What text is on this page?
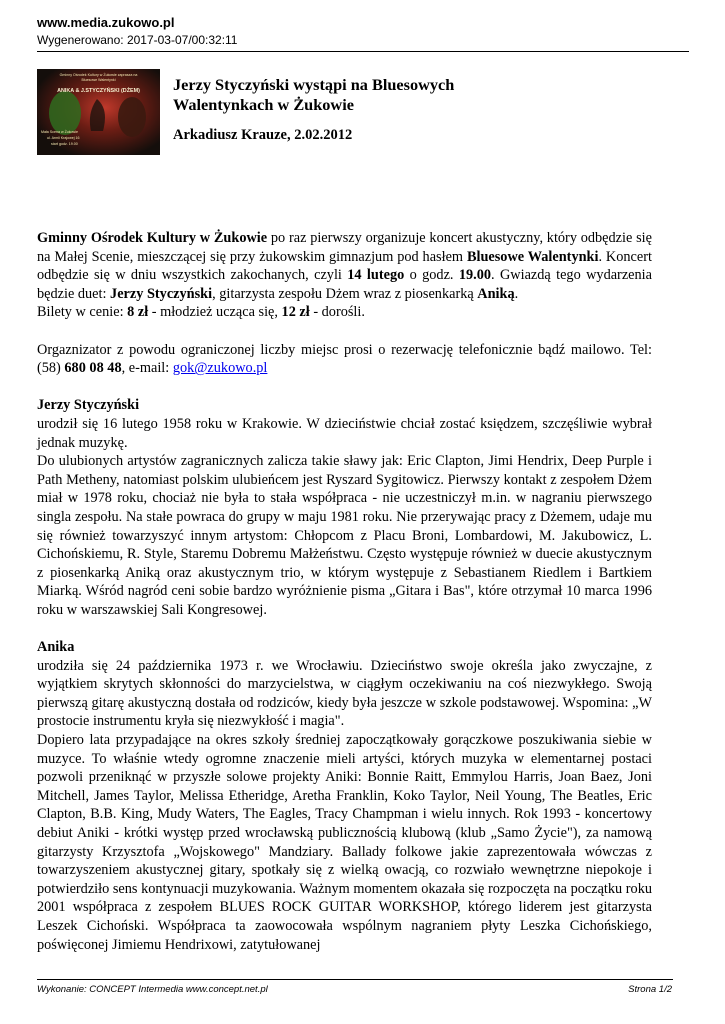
www.media.zukowo.pl
Wygenerowano: 2017-03-07/00:32:11
Gminny Ośrodek Kultury w Żukowie zaprasza na
Bluesowe Walentynki
ANIKA & J.STYCZYŃSKI (DŻEM)
Mała Scena w Żukowie
ul. Armii Krajowej 16
start godz. 19.00
Jerzy Styczyński wystąpi na Bluesowych
Walentynkach w Żukowie
Arkadiusz Krauze, 2.02.2012

Gminny Ośrodek Kultury w Żukowie po raz pierwszy organizuje koncert akustyczny, który odbędzie się na Małej Scenie, mieszczącej się przy żukowskim gimnazjum pod hasłem Bluesowe Walentynki. Koncert odbędzie się w dniu wszystkich zakochanych, czyli 14 lutego o godz. 19.00. Gwiazdą tego wydarzenia będzie duet: Jerzy Styczyński, gitarzysta zespołu Dżem wraz z piosenkarką Aniką.

Bilety w cenie: 8 zł - młodzież ucząca się, 12 zł - dorośli.

Orgaznizator z powodu ograniczonej liczby miejsc prosi o rezerwację telefonicznie bądź mailowo. Tel: (58) 680 08 48, e-mail: gok@zukowo.pl

Jerzy Styczyński

urodził się 16 lutego 1958 roku w Krakowie. W dzieciństwie chciał zostać księdzem, szczęśliwie wybrał jednak muzykę.

Do ulubionych artystów zagranicznych zalicza takie sławy jak: Eric Clapton, Jimi Hendrix, Deep Purple i Path Metheny, natomiast polskim ulubieńcem jest Ryszard Sygitowicz. Pierwszy kontakt z zespołem Dżem miał w 1978 roku, chociaż nie była to stała współpraca - nie uczestniczył m.in. w nagraniu pierwszego singla zespołu. Na stałe powraca do grupy w maju 1981 roku. Nie przerywając pracy z Dżemem, udaje mu się również towarzyszyć innym artystom: Chłopcom z Placu Broni, Lombardowi, M. Jakubowicz, L. Cichońskiemu, R. Style, Staremu Dobremu Małżeństwu. Często występuje również w duecie akustycznym z piosenkarką Aniką oraz akustycznym trio, w którym występuje z Sebastianem Riedlem i Bartkiem Miarką. Wśród nagród ceni sobie bardzo wyróżnienie pisma „Gitara i Bas", które otrzymał 10 marca 1996 roku w warszawskiej Sali Kongresowej.

Anika

urodziła się 24 października 1973 r. we Wrocławiu. Dzieciństwo swoje określa jako zwyczajne, z wyjątkiem skrytych skłonności do marzycielstwa, w ciągłym oczekiwaniu na coś niezwykłego. Swoją pierwszą gitarę akustyczną dostała od rodziców, kiedy była jeszcze w szkole podstawowej. Wspomina: „W prostocie instrumentu kryła się niezwykłość i magia".

Dopiero lata przypadające na okres szkoły średniej zapoczątkowały gorączkowe poszukiwania siebie w muzyce. To właśnie wtedy ogromne znaczenie mieli artyści, których muzyka w elementarnej postaci pozwoli przeniknąć w przyszłe solowe projekty Aniki: Bonnie Raitt, Emmylou Harris, Joan Baez, Joni Mitchell, James Taylor, Melissa Etheridge, Aretha Franklin, Koko Taylor, Neil Young, The Beatles, Eric Clapton, B.B. King, Mudy Waters, The Eagles, Tracy Champman i wielu innych. Rok 1993 - koncertowy debiut Aniki - krótki występ przed wrocławską publicznością klubową (klub „Samo Życie"), za namową gitarzysty Krzysztofa „Wojskowego" Mandziary. Ballady folkowe jakie zaprezentowała wówczas z towarzyszeniem akustycznej gitary, spotkały się z wielką owacją, co rozwiało wewnętrzne niepokoje i potwierdziło sens kontynuacji muzykowania. Ważnym momentem okazała się rozpoczęta na początku roku 2001 współpraca z zespołem BLUES ROCK GUITAR WORKSHOP, którego liderem jest gitarzysta Leszek Cichoński. Współpraca ta zaowocowała wspólnym nagraniem płyty Leszka Cichońskiego, poświęconej Jimiemu Hendrixowi, zatytułowanej

Wykonanie: CONCEPT Intermedia www.concept.net.pl	Strona 1/2
